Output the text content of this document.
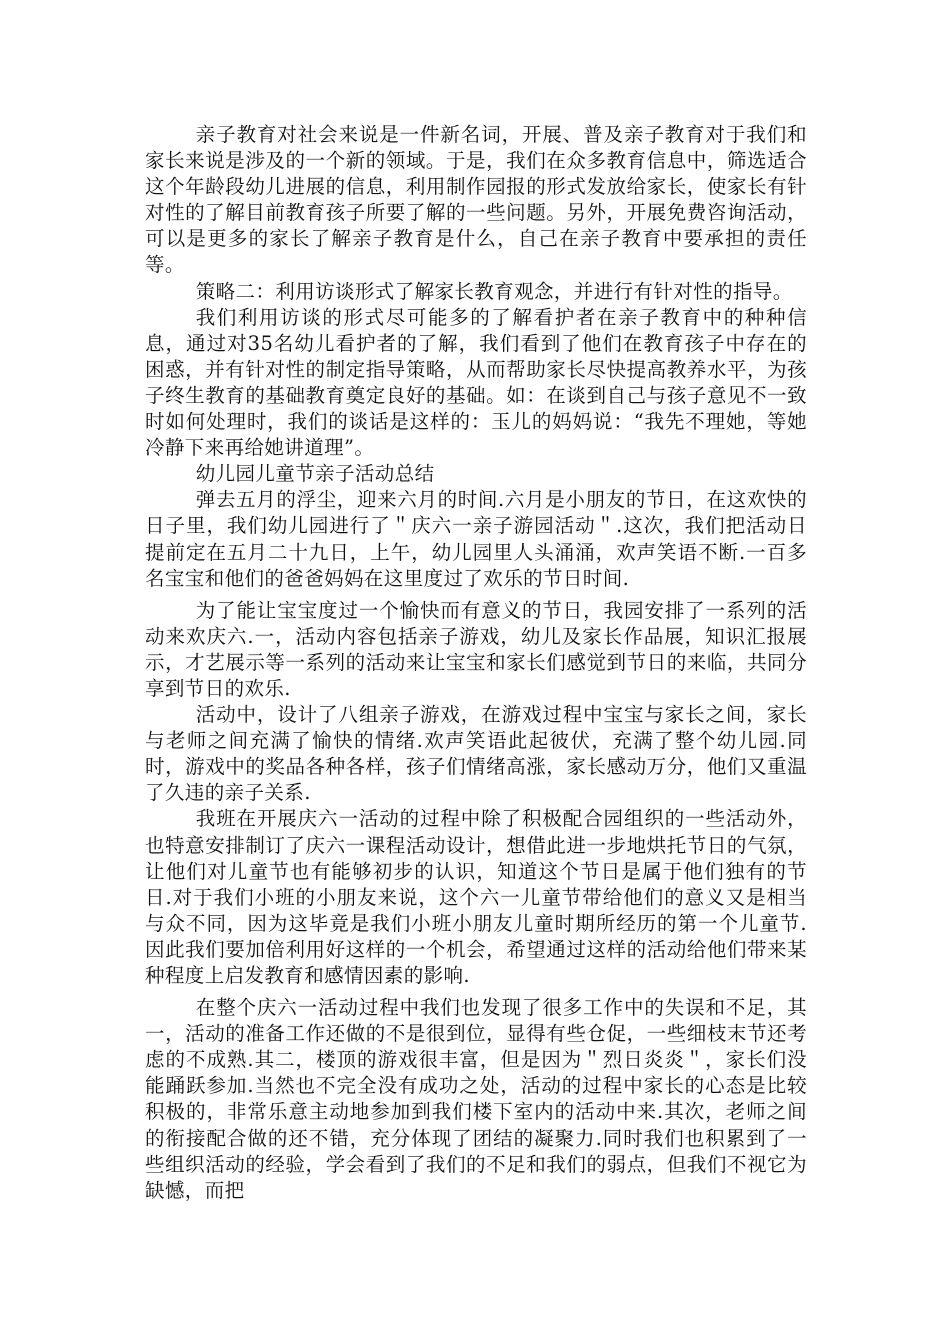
亲子教育对社会来说是一件新名词，开展、普及亲子教育对于我们和家长来说是涉及的一个新的领域。于是，我们在众多教育信息中，筛选适合这个年龄段幼儿进展的信息，利用制作园报的形式发放给家长，使家长有针对性的了解目前教育孩子所要了解的一些问题。另外，开展免费咨询活动，可以是更多的家长了解亲子教育是什么，自己在亲子教育中要承担的责任等。

策略二：利用访谈形式了解家长教育观念，并进行有针对性的指导。

我们利用访谈的形式尽可能多的了解看护者在亲子教育中的种种信息，通过对35名幼儿看护者的了解，我们看到了他们在教育孩子中存在的困惑，并有针对性的制定指导策略，从而帮助家长尽快提高教养水平，为孩子终生教育的基础教育奠定良好的基础。如：在谈到自己与孩子意见不一致时如何处理时，我们的谈话是这样的：玉儿的妈妈说：“我先不理她，等她冷静下来再给她讲道理”。

幼儿园儿童节亲子活动总结

弹去五月的浮尘，迎来六月的时间.六月是小朋友的节日，在这欢快的日子里，我们幼儿园进行了＂庆六一亲子游园活动＂.这次，我们把活动日提前定在五月二十九日，上午，幼儿园里人头涌涌，欢声笑语不断.一百多名宝宝和他们的爸爸妈妈在这里度过了欢乐的节日时间.

为了能让宝宝度过一个愉快而有意义的节日，我园安排了一系列的活动来欢庆六.一，活动内容包括亲子游戏，幼儿及家长作品展，知识汇报展示，才艺展示等一系列的活动来让宝宝和家长们感觉到节日的来临，共同分享到节日的欢乐.

活动中，设计了八组亲子游戏，在游戏过程中宝宝与家长之间，家长与老师之间充满了愉快的情绪.欢声笑语此起彼伏，充满了整个幼儿园.同时，游戏中的奖品各种各样，孩子们情绪高涨，家长感动万分，他们又重温了久违的亲子关系.

我班在开展庆六一活动的过程中除了积极配合园组织的一些活动外，也特意安排制订了庆六一课程活动设计，想借此进一步地烘托节日的气氛，让他们对儿童节也有能够初步的认识，知道这个节日是属于他们独有的节日.对于我们小班的小朋友来说，这个六一儿童节带给他们的意义又是相当与众不同，因为这毕竟是我们小班小朋友儿童时期所经历的第一个儿童节.因此我们要加倍利用好这样的一个机会，希望通过这样的活动给他们带来某种程度上启发教育和感情因素的影响.

在整个庆六一活动过程中我们也发现了很多工作中的失误和不足，其一，活动的准备工作还做的不是很到位，显得有些仓促，一些细枝末节还考虑的不成熟.其二，楼顶的游戏很丰富，但是因为＂烈日炎炎＂，家长们没能踊跃参加.当然也不完全没有成功之处，活动的过程中家长的心态是比较积极的，非常乐意主动地参加到我们楼下室内的活动中来.其次，老师之间的衔接配合做的还不错，充分体现了团结的凝聚力.同时我们也积累到了一些组织活动的经验，学会看到了我们的不足和我们的弱点，但我们不视它为缺憾，而把
